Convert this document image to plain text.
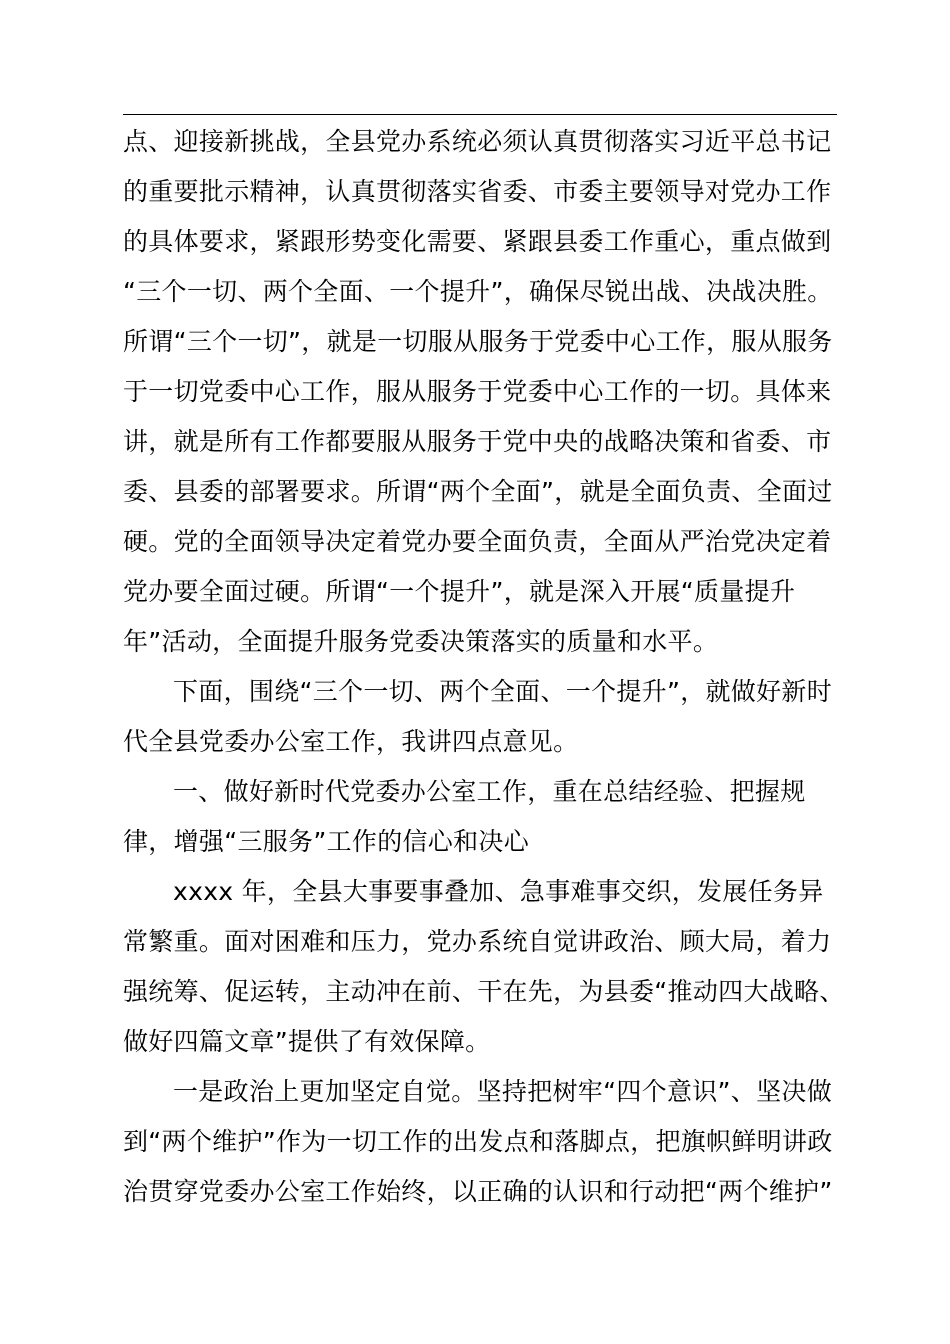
点、迎接新挑战，全县党办系统必须认真贯彻落实习近平总书记
的重要批示精神，认真贯彻落实省委、市委主要领导对党办工作
的具体要求，紧跟形势变化需要、紧跟县委工作重心，重点做到
“三个一切、两个全面、一个提升”，确保尽锐出战、决战决胜。
所谓“三个一切”，就是一切服从服务于党委中心工作，服从服务
于一切党委中心工作，服从服务于党委中心工作的一切。具体来
讲，就是所有工作都要服从服务于党中央的战略决策和省委、市
委、县委的部署要求。所谓“两个全面”，就是全面负责、全面过
硬。党的全面领导决定着党办要全面负责，全面从严治党决定着
党办要全面过硬。所谓“一个提升”，就是深入开展“质量提升
年”活动，全面提升服务党委决策落实的质量和水平。
下面，围绕“三个一切、两个全面、一个提升”，就做好新时
代全县党委办公室工作，我讲四点意见。
一、做好新时代党委办公室工作，重在总结经验、把握规
律，增强“三服务”工作的信心和决心
xxxx 年，全县大事要事叠加、急事难事交织，发展任务异
常繁重。面对困难和压力，党办系统自觉讲政治、顾大局，着力
强统筹、促运转，主动冲在前、干在先，为县委“推动四大战略、
做好四篇文章”提供了有效保障。
一是政治上更加坚定自觉。坚持把树牢“四个意识”、坚决做
到“两个维护”作为一切工作的出发点和落脚点，把旗帜鲜明讲政
治贯穿党委办公室工作始终，以正确的认识和行动把“两个维护”
